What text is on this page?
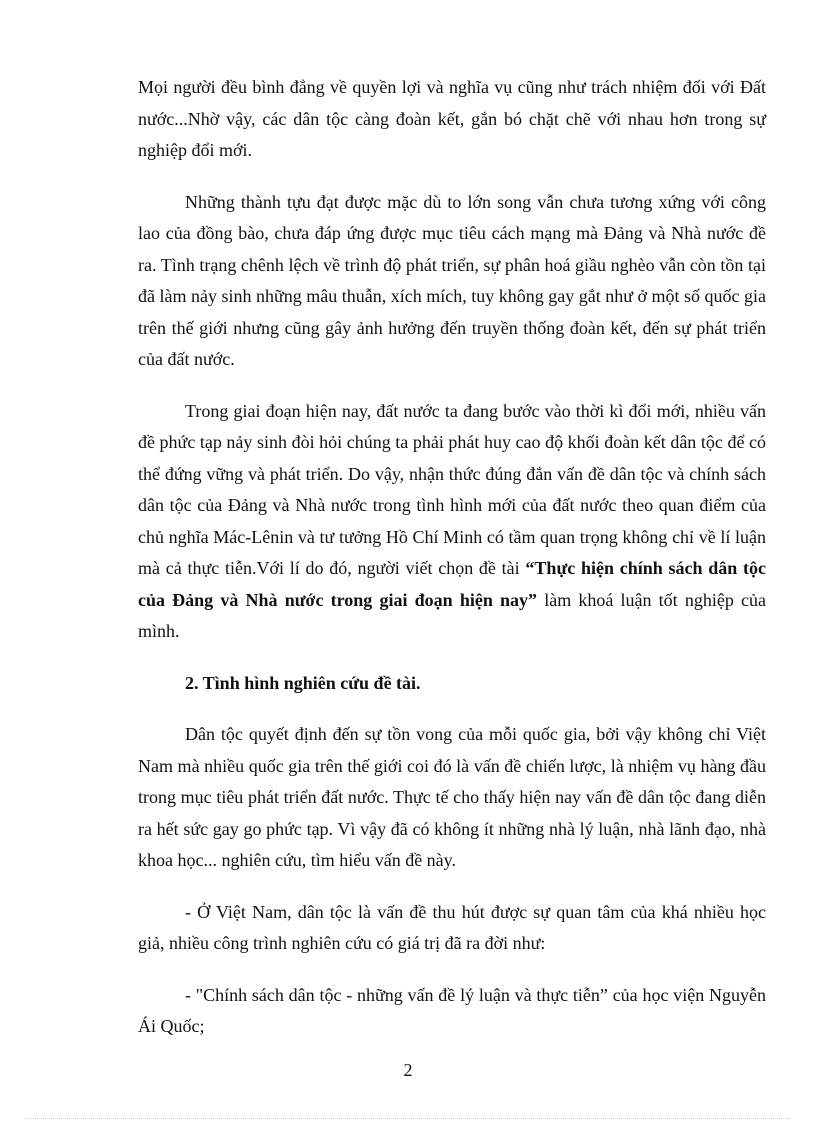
Mọi người đều bình đẳng về quyền lợi và nghĩa vụ cũng như trách nhiệm đối với Đất nước...Nhờ vậy, các dân tộc càng đoàn kết, gắn bó chặt chẽ với nhau hơn trong sự nghiệp đổi mới.

Những thành tựu đạt được mặc dù to lớn song vẫn chưa tương xứng với công lao của đồng bào, chưa đáp ứng được mục tiêu cách mạng mà Đảng và Nhà nước đề ra. Tình trạng chênh lệch về trình độ phát triển, sự phân hoá giầu nghèo vẫn còn tồn tại đã làm nảy sinh những mâu thuẫn, xích mích, tuy không gay gắt như ở một số quốc gia trên thế giới nhưng cũng gây ảnh hưởng đến truyền thống đoàn kết, đến sự phát triển của đất nước.

Trong giai đoạn hiện nay, đất nước ta đang bước vào thời kì đổi mới, nhiều vấn đề phức tạp nảy sinh đòi hỏi chúng ta phải phát huy cao độ khối đoàn kết dân tộc để có thể đứng vững và phát triển. Do vậy, nhận thức đúng đắn vấn đề dân tộc và chính sách dân tộc của Đảng và Nhà nước trong tình hình mới của đất nước theo quan điểm của chủ nghĩa Mác-Lênin và tư tưởng Hồ Chí Minh có tầm quan trọng không chỉ về lí luận mà cả thực tiễn.Với lí do đó, người viết chọn đề tài “Thực hiện chính sách dân tộc của Đảng và Nhà nước trong giai đoạn hiện nay” làm khoá luận tốt nghiệp của mình.

2. Tình hình nghiên cứu đề tài.

Dân tộc quyết định đến sự tồn vong của mỗi quốc gia, bởi vậy không chỉ Việt Nam mà nhiều quốc gia trên thế giới coi đó là vấn đề chiến lược, là nhiệm vụ hàng đầu trong mục tiêu phát triển đất nước. Thực tế cho thấy hiện nay vấn đề dân tộc đang diễn ra hết sức gay go phức tạp. Vì vậy đã có không ít những nhà lý luận, nhà lãnh đạo, nhà khoa học... nghiên cứu, tìm hiểu vấn đề này.

- Ở Việt Nam, dân tộc là vấn đề thu hút được sự quan tâm của khá nhiều học giả, nhiều công trình nghiên cứu có giá trị đã ra đời như:

- "Chính sách dân tộc - những vấn đề lý luận và thực tiễn” của học viện Nguyễn Ái Quốc;

2
